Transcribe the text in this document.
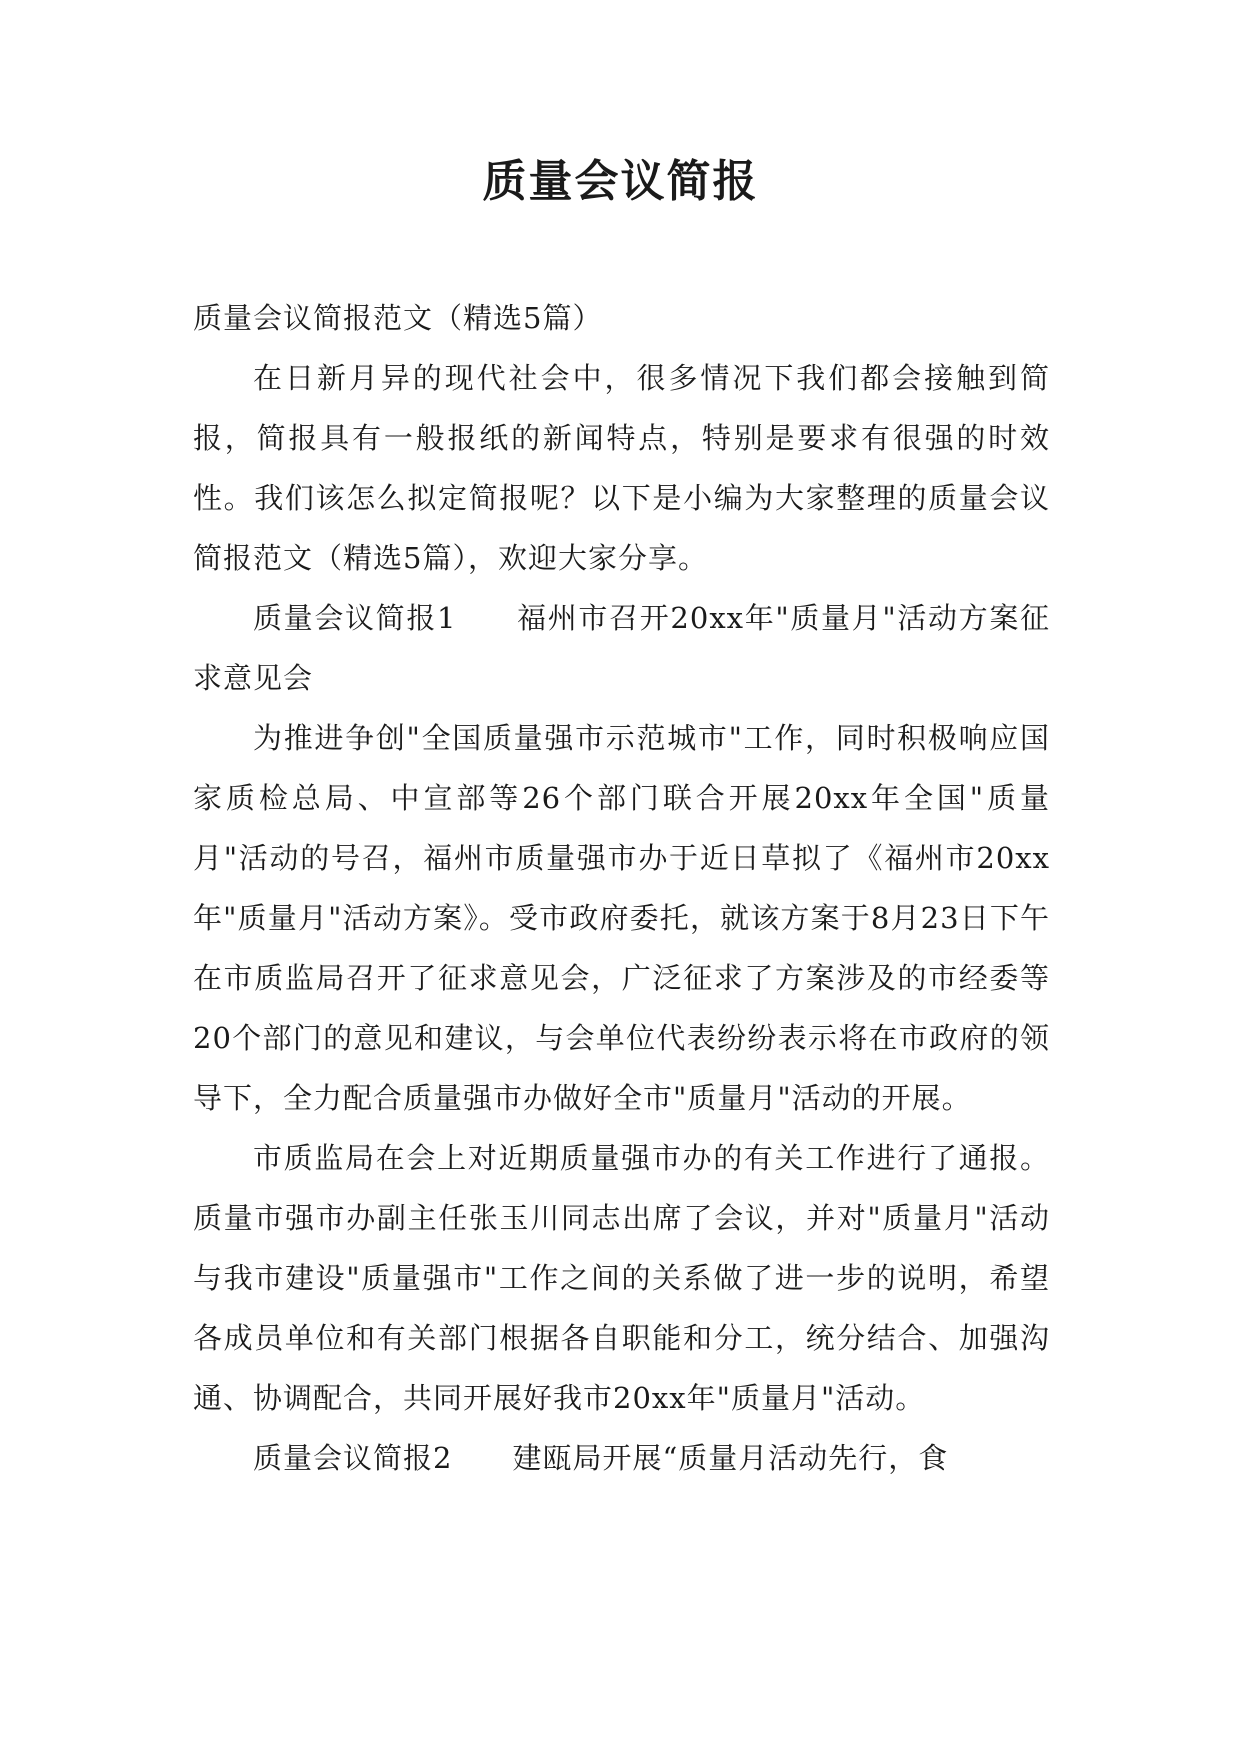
质量会议简报

质量会议简报范文（精选5篇）

在日新月异的现代社会中，很多情况下我们都会接触到简报，简报具有一般报纸的新闻特点，特别是要求有很强的时效性。我们该怎么拟定简报呢？以下是小编为大家整理的质量会议简报范文（精选5篇），欢迎大家分享。

质量会议简报1 福州市召开20xx年"质量月"活动方案征求意见会

为推进争创"全国质量强市示范城市"工作，同时积极响应国家质检总局、中宣部等26个部门联合开展20xx年全国"质量月"活动的号召，福州市质量强市办于近日草拟了《福州市20xx年"质量月"活动方案》。受市政府委托，就该方案于8月23日下午在市质监局召开了征求意见会，广泛征求了方案涉及的市经委等20个部门的意见和建议，与会单位代表纷纷表示将在市政府的领导下，全力配合质量强市办做好全市"质量月"活动的开展。

市质监局在会上对近期质量强市办的有关工作进行了通报。质量市强市办副主任张玉川同志出席了会议，并对"质量月"活动与我市建设"质量强市"工作之间的关系做了进一步的说明，希望各成员单位和有关部门根据各自职能和分工，统分结合、加强沟通、协调配合，共同开展好我市20xx年"质量月"活动。

质量会议简报2 建瓯局开展“质量月活动先行，食
